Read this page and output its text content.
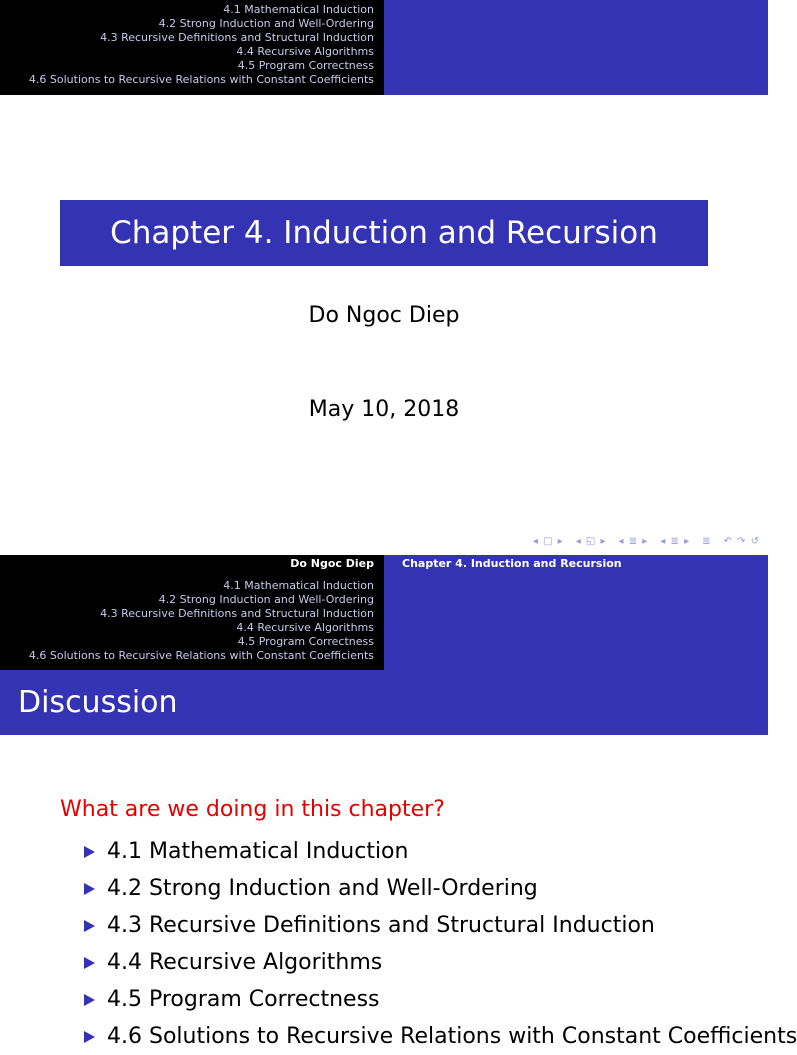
4.1 Mathematical Induction
4.2 Strong Induction and Well-Ordering
4.3 Recursive Definitions and Structural Induction
4.4 Recursive Algorithms
4.5 Program Correctness
4.6 Solutions to Recursive Relations with Constant Coefficients
Chapter 4. Induction and Recursion
Do Ngoc Diep
May 10, 2018
◂ □ ▸ ◂ ◱ ▸ ◂ ≣ ▸ ◂ ≣ ▸ ≣ ↶ ↷ ↺
Do Ngoc Diep
4.1 Mathematical Induction
4.2 Strong Induction and Well-Ordering
4.3 Recursive Definitions and Structural Induction
4.4 Recursive Algorithms
4.5 Program Correctness
4.6 Solutions to Recursive Relations with Constant Coefficients
Chapter 4. Induction and Recursion
Discussion
What are we doing in this chapter?
4.1 Mathematical Induction
4.2 Strong Induction and Well-Ordering
4.3 Recursive Definitions and Structural Induction
4.4 Recursive Algorithms
4.5 Program Correctness
4.6 Solutions to Recursive Relations with Constant Coefficients
